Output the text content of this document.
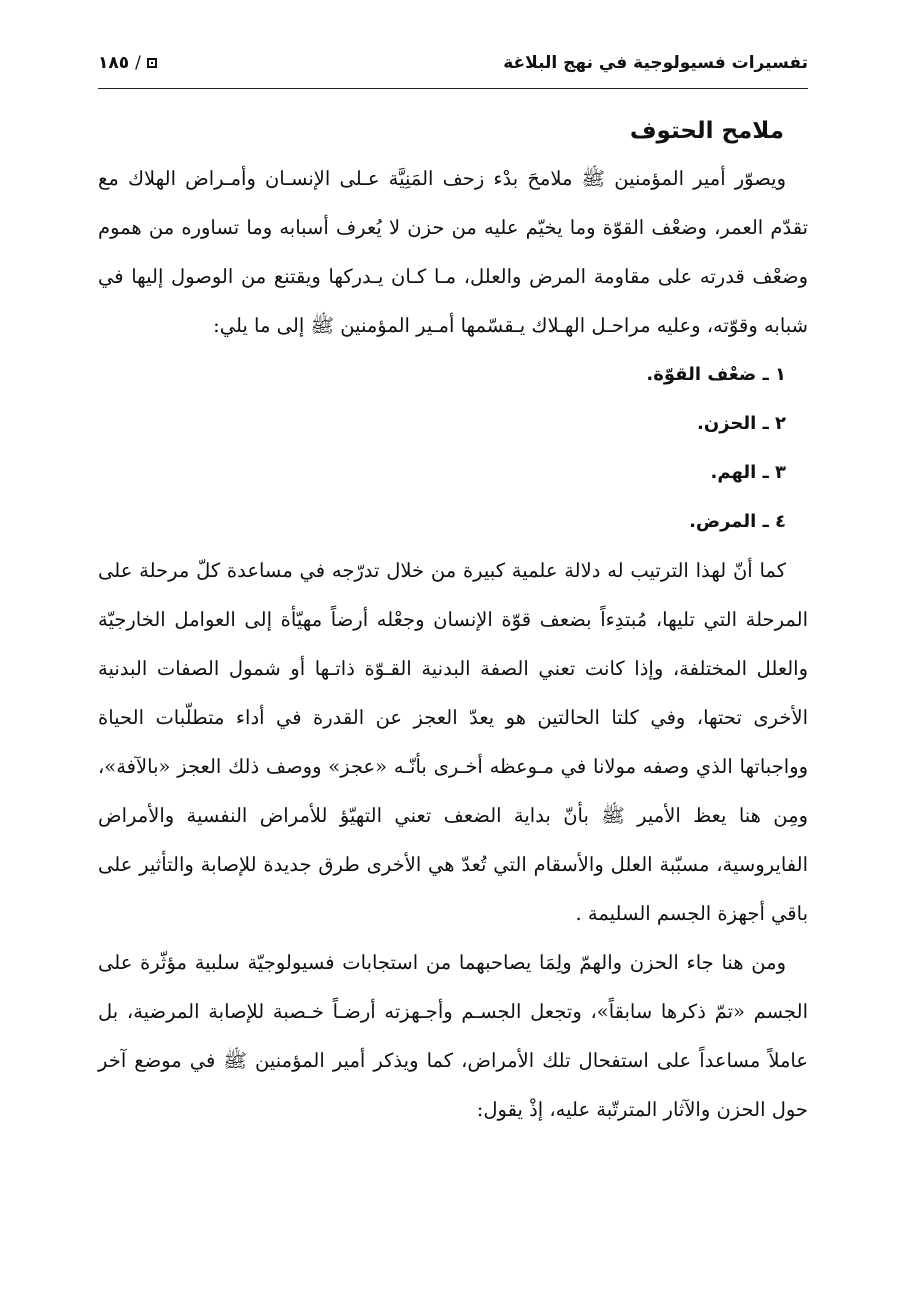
تفسيرات فسيولوجية في نهج البلاغة
/
١٨٥
ملامح الحتوف

ويصوّر أمير المؤمنين ﷺ ملامحَ بدْء زحف المَنِيَّة عـلى الإنسـان وأمـراض الهلاك مع تقدّم العمر، وضعْف القوّة وما يخيّم عليه من حزن لا يُعرف أسبابه وما تساوره من هموم وضعْف قدرته على مقاومة المرض والعلل، مـا كـان يـدركها ويقتنع من الوصول إليها في شبابه وقوّته، وعليه مراحـل الهـلاك يـقسّمها أمـير المؤمنين ﷺ إلى ما يلي:

١ ـ ضعْف القوّة.
٢ ـ الحزن.
٣ ـ الهم.
٤ ـ المرض.

كما أنّ لهذا الترتيب له دلالة علمية كبيرة من خلال تدرّجه في مساعدة كلّ مرحلة على المرحلة التي تليها، مُبتدِءاً بضعف قوّة الإنسان وجعْله أرضاً مهيّأة إلى العوامل الخارجيّة والعلل المختلفة، وإذا كانت تعني الصفة البدنية القـوّة ذاتـها أو شمول الصفات البدنية الأخرى تحتها، وفي كلتا الحالتين هو يعدّ العجز عن القدرة في أداء متطلّبات الحياة وواجباتها الذي وصفه مولانا في مـوعظه أخـرى بأنّـه «عجز» ووصف ذلك العجز «بالآفة»، ومِن هنا يعظ الأمير ﷺ بأنّ بداية الضعف تعني التهيّؤ للأمراض النفسية والأمراض الفايروسية، مسبّبة العلل والأسقام التي تُعدّ هي الأخرى طرق جديدة للإصابة والتأثير على باقي أجهزة الجسم السليمة .

ومن هنا جاء الحزن والهمّ ولِمَا يصاحبهما من استجابات فسيولوجيّة سلبية مؤثّرة على الجسم «تمّ ذكرها سابقاً»، وتجعل الجسـم وأجـهزته أرضـاً خـصبة للإصابة المرضية، بل عاملاً مساعداً على استفحال تلك الأمراض، كما ويذكر أمير المؤمنين ﷺ في موضع آخر حول الحزن والآثار المترتّبة عليه، إذْ يقول:
